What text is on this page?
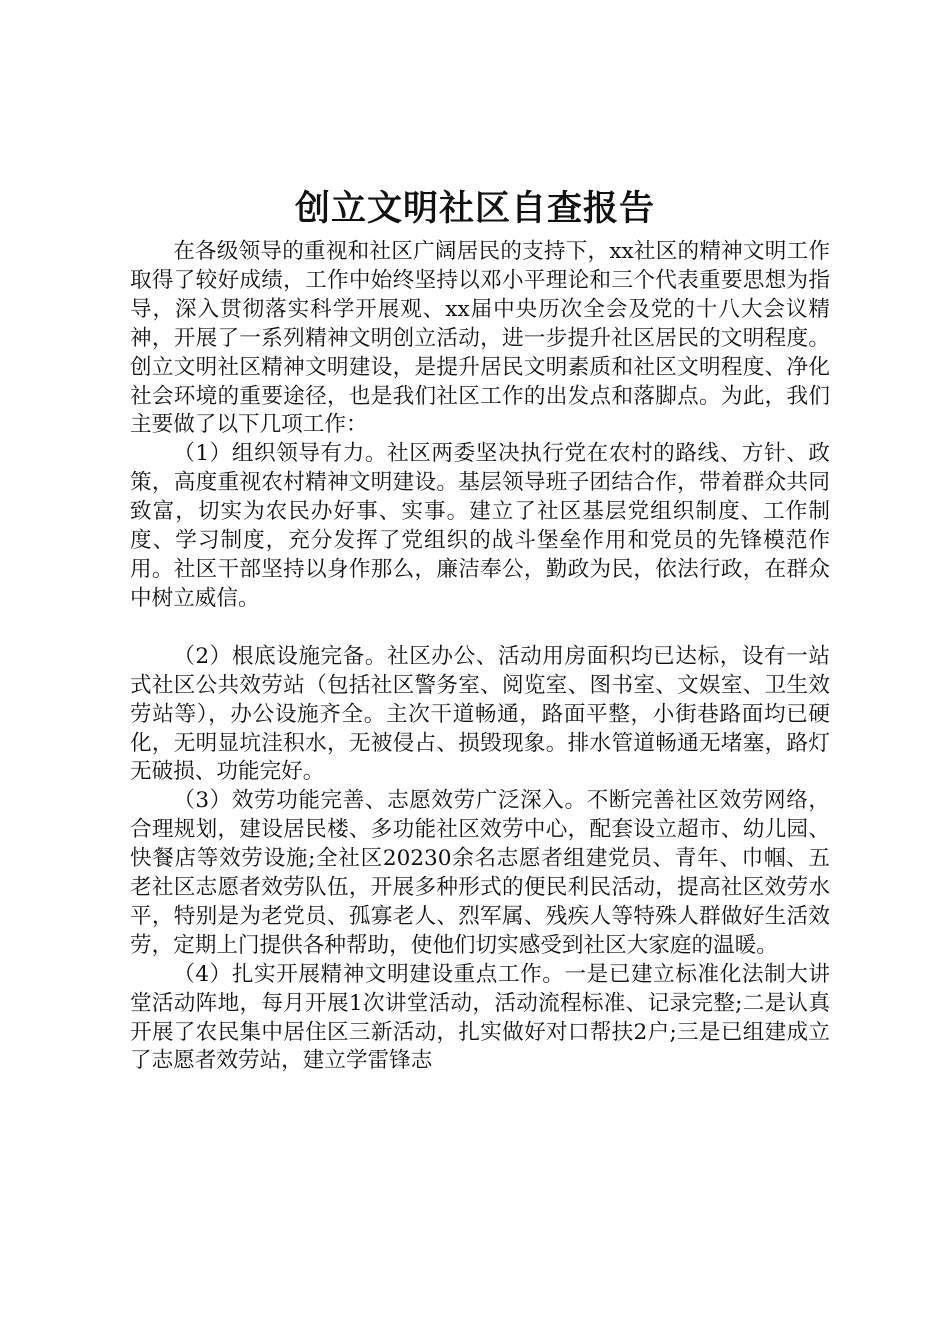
创立文明社区自查报告

在各级领导的重视和社区广阔居民的支持下，xx社区的精神文明工作取得了较好成绩，工作中始终坚持以邓小平理论和三个代表重要思想为指导，深入贯彻落实科学开展观、xx届中央历次全会及党的十八大会议精神，开展了一系列精神文明创立活动，进一步提升社区居民的文明程度。创立文明社区精神文明建设，是提升居民文明素质和社区文明程度、净化社会环境的重要途径，也是我们社区工作的出发点和落脚点。为此，我们主要做了以下几项工作：

（1）组织领导有力。社区两委坚决执行党在农村的路线、方针、政策，高度重视农村精神文明建设。基层领导班子团结合作，带着群众共同致富，切实为农民办好事、实事。建立了社区基层党组织制度、工作制度、学习制度，充分发挥了党组织的战斗堡垒作用和党员的先锋模范作用。社区干部坚持以身作那么，廉洁奉公，勤政为民，依法行政，在群众中树立威信。

（2）根底设施完备。社区办公、活动用房面积均已达标，设有一站式社区公共效劳站（包括社区警务室、阅览室、图书室、文娱室、卫生效劳站等），办公设施齐全。主次干道畅通，路面平整，小街巷路面均已硬化，无明显坑洼积水，无被侵占、损毁现象。排水管道畅通无堵塞，路灯无破损、功能完好。

（3）效劳功能完善、志愿效劳广泛深入。不断完善社区效劳网络，合理规划，建设居民楼、多功能社区效劳中心，配套设立超市、幼儿园、快餐店等效劳设施;全社区20230余名志愿者组建党员、青年、巾帼、五老社区志愿者效劳队伍，开展多种形式的便民利民活动，提高社区效劳水平，特别是为老党员、孤寡老人、烈军属、残疾人等特殊人群做好生活效劳，定期上门提供各种帮助，使他们切实感受到社区大家庭的温暖。

（4）扎实开展精神文明建设重点工作。一是已建立标准化法制大讲堂活动阵地，每月开展1次讲堂活动，活动流程标准、记录完整;二是认真开展了农民集中居住区三新活动，扎实做好对口帮扶2户;三是已组建成立了志愿者效劳站，建立学雷锋志
